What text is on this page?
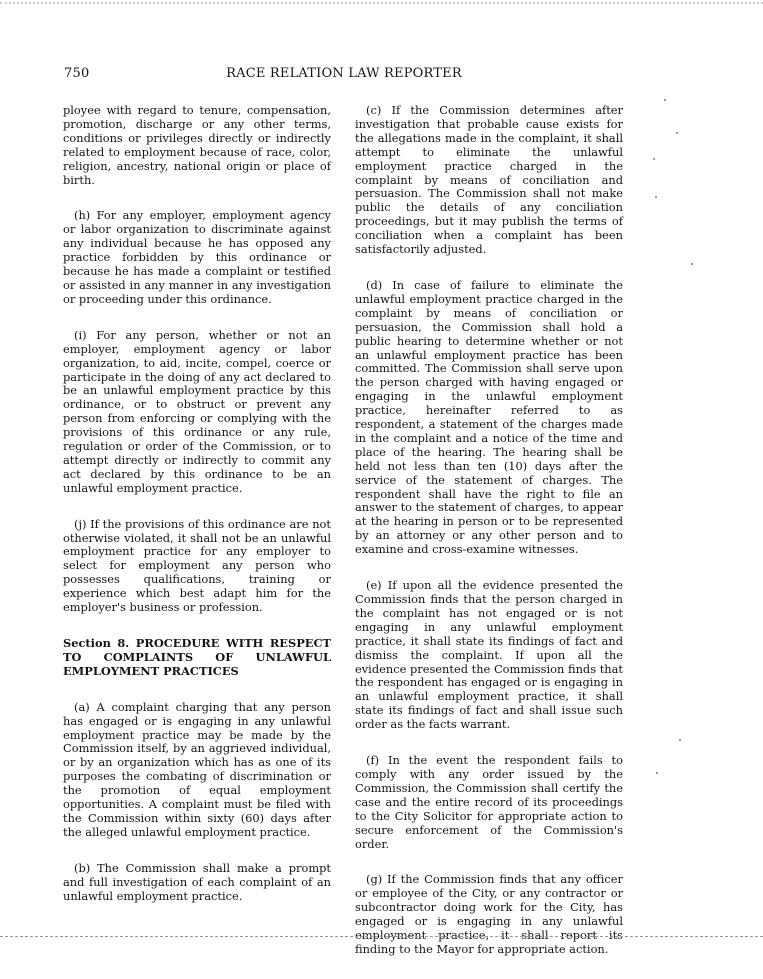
750	RACE RELATION LAW REPORTER

ployee with regard to tenure, compensation, promotion, discharge or any other terms, conditions or privileges directly or indirectly related to employment because of race, color, religion, ancestry, national origin or place of birth.

(h) For any employer, employment agency or labor organization to discriminate against any individual because he has opposed any practice forbidden by this ordinance or because he has made a complaint or testified or assisted in any manner in any investigation or proceeding under this ordinance.

(i) For any person, whether or not an employer, employment agency or labor organization, to aid, incite, compel, coerce or participate in the doing of any act declared to be an unlawful employment practice by this ordinance, or to obstruct or prevent any person from enforcing or complying with the provisions of this ordinance or any rule, regulation or order of the Commission, or to attempt directly or indirectly to commit any act declared by this ordinance to be an unlawful employment practice.

(j) If the provisions of this ordinance are not otherwise violated, it shall not be an unlawful employment practice for any employer to select for employment any person who possesses qualifications, training or experience which best adapt him for the employer's business or profession.

Section 8. PROCEDURE WITH RESPECT TO COMPLAINTS OF UNLAWFUL EMPLOYMENT PRACTICES

(a) A complaint charging that any person has engaged or is engaging in any unlawful employment practice may be made by the Commission itself, by an aggrieved individual, or by an organization which has as one of its purposes the combating of discrimination or the promotion of equal employment opportunities. A complaint must be filed with the Commission within sixty (60) days after the alleged unlawful employment practice.

(b) The Commission shall make a prompt and full investigation of each complaint of an unlawful employment practice.

(c) If the Commission determines after investigation that probable cause exists for the allegations made in the complaint, it shall attempt to eliminate the unlawful employment practice charged in the complaint by means of conciliation and persuasion. The Commission shall not make public the details of any conciliation proceedings, but it may publish the terms of conciliation when a complaint has been satisfactorily adjusted.

(d) In case of failure to eliminate the unlawful employment practice charged in the complaint by means of conciliation or persuasion, the Commission shall hold a public hearing to determine whether or not an unlawful employment practice has been committed. The Commission shall serve upon the person charged with having engaged or engaging in the unlawful employment practice, hereinafter referred to as respondent, a statement of the charges made in the complaint and a notice of the time and place of the hearing. The hearing shall be held not less than ten (10) days after the service of the statement of charges. The respondent shall have the right to file an answer to the statement of charges, to appear at the hearing in person or to be represented by an attorney or any other person and to examine and cross-examine witnesses.

(e) If upon all the evidence presented the Commission finds that the person charged in the complaint has not engaged or is not engaging in any unlawful employment practice, it shall state its findings of fact and dismiss the complaint. If upon all the evidence presented the Commission finds that the respondent has engaged or is engaging in an unlawful employment practice, it shall state its findings of fact and shall issue such order as the facts warrant.

(f) In the event the respondent fails to comply with any order issued by the Commission, the Commission shall certify the case and the entire record of its proceedings to the City Solicitor for appropriate action to secure enforcement of the Commission's order.

(g) If the Commission finds that any officer or employee of the City, or any contractor or subcontractor doing work for the City, has engaged or is engaging in any unlawful employment practice, it shall report its finding to the Mayor for appropriate action.
